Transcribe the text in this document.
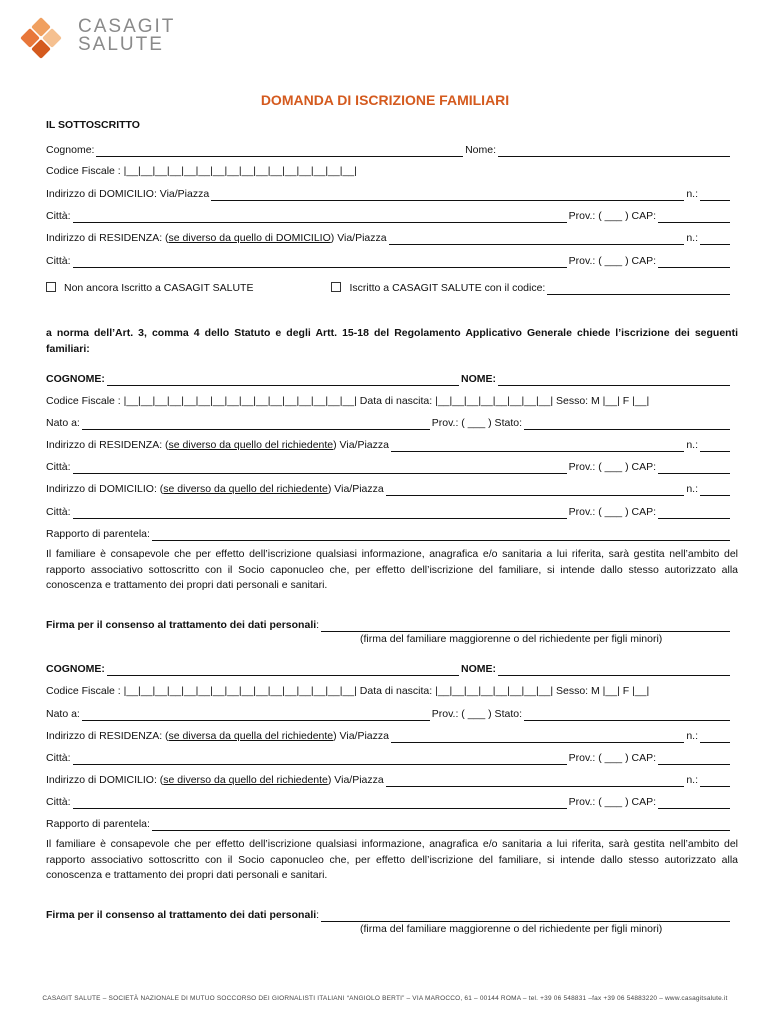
CASAGIT
SALUTE
DOMANDA DI ISCRIZIONE FAMILIARI
IL SOTTOSCRITTO
Cognome:	Nome:
Codice Fiscale :
|__|__|__|__|__|__|__|__|__|__|__|__|__|__|__|__|
Indirizzo di DOMICILIO: Via/Piazza	n.:
Città:	Prov.: ( ___ ) CAP:
Indirizzo di RESIDENZA: ( se diverso da quello di DOMICILIO ) Via/Piazza	n.:
Città:	Prov.: ( ___ ) CAP:
Non ancora Iscritto a CASAGIT SALUTE	Iscritto a CASAGIT SALUTE con il codice:
a norma dell’Art. 3, comma 4 dello Statuto e degli Artt. 15-18 del Regolamento Applicativo Generale chiede l’iscrizione dei seguenti familiari:
COGNOME:	NOME:
Codice Fiscale :
|__|__|__|__|__|__|__|__|__|__|__|__|__|__|__|__|
Data di nascita:
|__|__|__|__|__|__|__|__|
Sesso: M |__| F |__|
Nato a:	Prov.: ( ___ ) Stato:
Indirizzo di RESIDENZA: ( se diverso da quello del richiedente ) Via/Piazza	n.:
Città:	Prov.: ( ___ ) CAP:
Indirizzo di DOMICILIO: ( se diverso da quello del richiedente ) Via/Piazza	n.:
Città:	Prov.: ( ___ ) CAP:
Rapporto di parentela:
Il familiare è consapevole che per effetto dell’iscrizione qualsiasi informazione, anagrafica e/o sanitaria a lui riferita, sarà gestita nell’ambito del rapporto associativo sottoscritto con il Socio caponucleo che, per effetto dell’iscrizione del familiare, si intende dallo stesso autorizzato alla conoscenza e trattamento dei propri dati personali e sanitari.
Firma per il consenso al trattamento dei dati personali :
(firma del familiare maggiorenne o del richiedente per figli minori)
COGNOME:	NOME:
Codice Fiscale :
|__|__|__|__|__|__|__|__|__|__|__|__|__|__|__|__|
Data di nascita:
|__|__|__|__|__|__|__|__|
Sesso: M |__| F |__|
Nato a:	Prov.: ( ___ ) Stato:
Indirizzo di RESIDENZA: ( se diversa da quella del richiedente ) Via/Piazza	n.:
Città:	Prov.: ( ___ ) CAP:
Indirizzo di DOMICILIO: ( se diverso da quello del richiedente ) Via/Piazza	n.:
Città:	Prov.: ( ___ ) CAP:
Rapporto di parentela:
Il familiare è consapevole che per effetto dell’iscrizione qualsiasi informazione, anagrafica e/o sanitaria a lui riferita, sarà gestita nell’ambito del rapporto associativo sottoscritto con il Socio caponucleo che, per effetto dell’iscrizione del familiare, si intende dallo stesso autorizzato alla conoscenza e trattamento dei propri dati personali e sanitari.
Firma per il consenso al trattamento dei dati personali :
(firma del familiare maggiorenne o del richiedente per figli minori)
CASAGIT SALUTE – SOCIETÀ NAZIONALE DI MUTUO SOCCORSO DEI GIORNALISTI ITALIANI “ANGIOLO BERTI” – VIA MAROCCO, 61 – 00144 ROMA – tel. +39 06 548831 –fax +39 06 54883220 – www.casagitsalute.it
